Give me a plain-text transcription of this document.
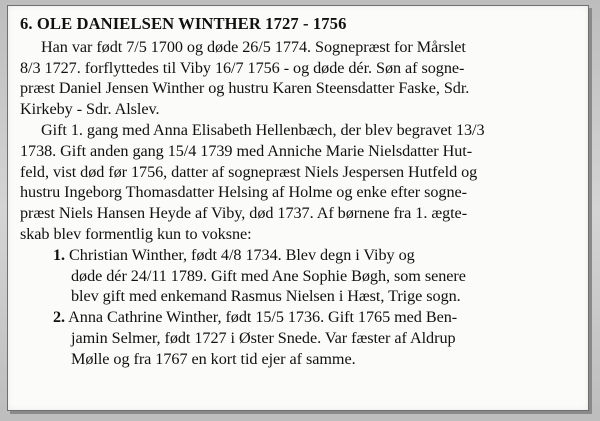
6. OLE DANIELSEN WINTHER 1727 - 1756
Han var født 7/5 1700 og døde 26/5 1774. Sognepræst for Mårslet
8/3 1727. forflyttedes til Viby 16/7 1756 - og døde dér. Søn af sogne-
præst Daniel Jensen Winther og hustru Karen Steensdatter Faske, Sdr.
Kirkeby - Sdr. Alslev.
Gift 1. gang med Anna Elisabeth Hellenbæch, der blev begravet 13/3
1738. Gift anden gang 15/4 1739 med Anniche Marie Nielsdatter Hut-
feld, vist død før 1756, datter af sognepræst Niels Jespersen Hutfeld og
hustru Ingeborg Thomasdatter Helsing af Holme og enke efter sogne-
præst Niels Hansen Heyde af Viby, død 1737. Af børnene fra 1. ægte-
skab blev formentlig kun to voksne:
1. Christian Winther, født 4/8 1734. Blev degn i Viby og
døde dér 24/11 1789. Gift med Ane Sophie Bøgh, som senere
blev gift med enkemand Rasmus Nielsen i Hæst, Trige sogn.
2. Anna Cathrine Winther, født 15/5 1736. Gift 1765 med Ben-
jamin Selmer, født 1727 i Øster Snede. Var fæster af Aldrup
Mølle og fra 1767 en kort tid ejer af samme.
